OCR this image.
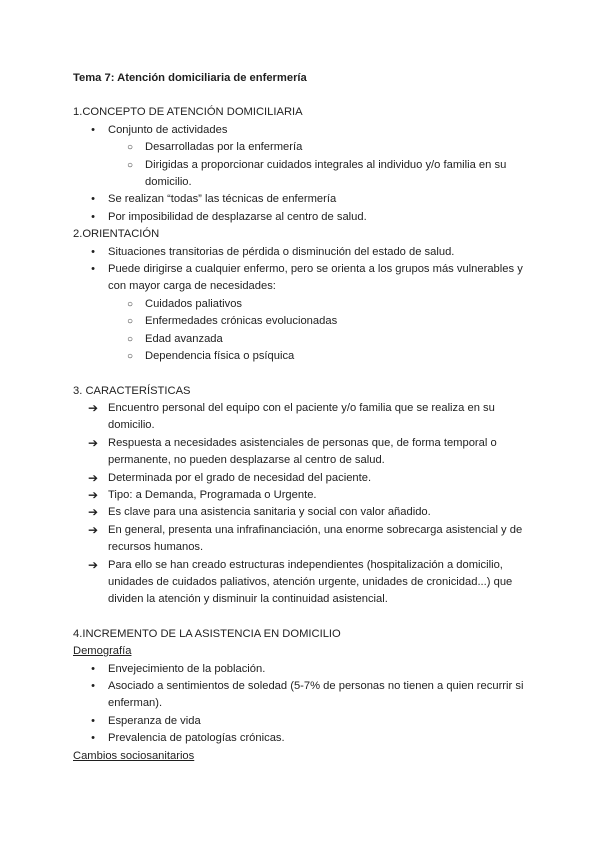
Tema 7: Atención domiciliaria de enfermería

1.CONCEPTO DE ATENCIÓN DOMICILIARIA

•	Conjunto de actividades
○ Desarrolladas por la enfermería
○ Dirigidas a proporcionar cuidados integrales al individuo y/o familia en su domicilio.
•	Se realizan “todas” las técnicas de enfermería
•	Por imposibilidad de desplazarse al centro de salud.

2.ORIENTACIÓN

•	Situaciones transitorias de pérdida o disminución del estado de salud.
•	Puede dirigirse a cualquier enfermo, pero se orienta a los grupos más vulnerables y con mayor carga de necesidades:
○ Cuidados paliativos
○ Enfermedades crónicas evolucionadas
○ Edad avanzada
○ Dependencia física o psíquica

3. CARACTERÍSTICAS

➔ Encuentro personal del equipo con el paciente y/o familia que se realiza en su domicilio.
➔ Respuesta a necesidades asistenciales de personas que, de forma temporal o permanente, no pueden desplazarse al centro de salud.
➔ Determinada por el grado de necesidad del paciente.
➔ Tipo: a Demanda, Programada o Urgente.
➔ Es clave para una asistencia sanitaria y social con valor añadido.
➔ En general, presenta una infrafinanciación, una enorme sobrecarga asistencial y de recursos humanos.
➔ Para ello se han creado estructuras independientes (hospitalización a domicilio, unidades de cuidados paliativos, atención urgente, unidades de cronicidad...) que dividen la atención y disminuir la continuidad asistencial.

4.INCREMENTO DE LA ASISTENCIA EN DOMICILIO

Demografía

•	Envejecimiento de la población.
•	Asociado a sentimientos de soledad (5-7% de personas no tienen a quien recurrir si enferman).
•	Esperanza de vida
•	Prevalencia de patologías crónicas.

Cambios sociosanitarios
